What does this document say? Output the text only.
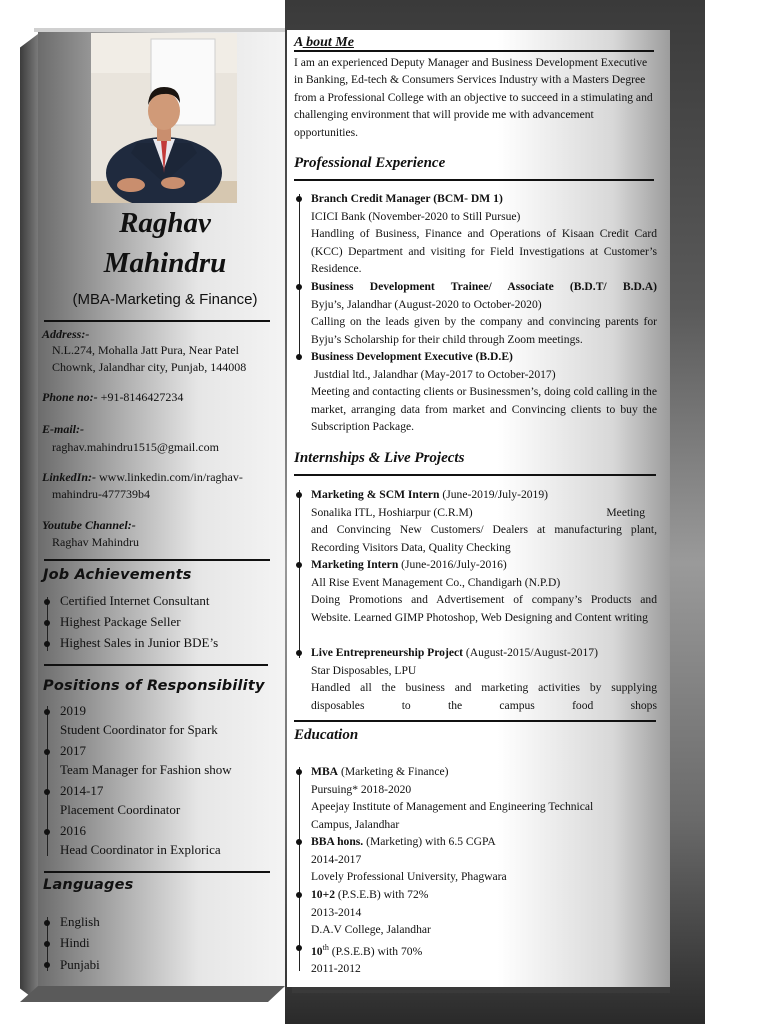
Raghav
Mahindru
(MBA-Marketing & Finance)
Address:-
N.L.274, Mohalla Jatt Pura, Near Patel
Chownk, Jalandhar city, Punjab, 144008
Phone no:- +91-8146427234
E-mail:-
raghav.mahindru1515@gmail.com
LinkedIn:- www.linkedin.com/in/raghav-
mahindru-477739b4
Youtube Channel:-
Raghav Mahindru
Job Achievements
Certified Internet Consultant
Highest Package Seller
Highest Sales in Junior BDE’s
Positions of Responsibility
2019
Student Coordinator for Spark
2017
Team Manager for Fashion show
2014-17
Placement Coordinator
2016
Head Coordinator in Explorica
Languages
English
Hindi
Punjabi
A bout Me
I am an experienced Deputy Manager and Business Development Executive in Banking, Ed-tech & Consumers Services Industry with a Masters Degree from a Professional College with an objective to succeed in a stimulating and challenging environment that will provide me with advancement opportunities.
Professional Experience
Branch Credit Manager (BCM- DM 1)
ICICI Bank (November-2020 to Still Pursue)
Handling of Business, Finance and Operations of Kisaan Credit Card (KCC) Department and visiting for Field Investigations at Customer’s Residence.
Business Development Trainee/ Associate (B.D.T/ B.D.A)
Byju’s, Jalandhar (August-2020 to October-2020)
Calling on the leads given by the company and convincing parents for Byju’s Scholarship for their child through Zoom meetings.
Business Development Executive (B.D.E)
Justdial ltd., Jalandhar (May-2017 to October-2017)
Meeting and contacting clients or Businessmen’s, doing cold calling in the market, arranging data from market and Convincing clients to buy the Subscription Package.
Internships & Live Projects
Marketing & SCM Intern (June-2019/July-2019)
Sonalika ITL, Hoshiarpur (C.R.M)	Meeting
and Convincing New Customers/ Dealers at manufacturing plant, Recording Visitors Data, Quality Checking
Marketing Intern (June-2016/July-2016)
All Rise Event Management Co., Chandigarh (N.P.D)
Doing Promotions and Advertisement of company’s Products and Website. Learned GIMP Photoshop, Web Designing and Content writing
Live Entrepreneurship Project (August-2015/August-2017)
Star Disposables, LPU
Handled all the business and marketing activities by supplying disposables to the campus food shops
Education
MBA (Marketing & Finance)
Pursuing* 2018-2020
Apeejay Institute of Management and Engineering Technical
Campus, Jalandhar
BBA hons. (Marketing) with 6.5 CGPA
2014-2017
Lovely Professional University, Phagwara
10+2 (P.S.E.B) with 72%
2013-2014
D.A.V College, Jalandhar
10th (P.S.E.B) with 70%
2011-2012
